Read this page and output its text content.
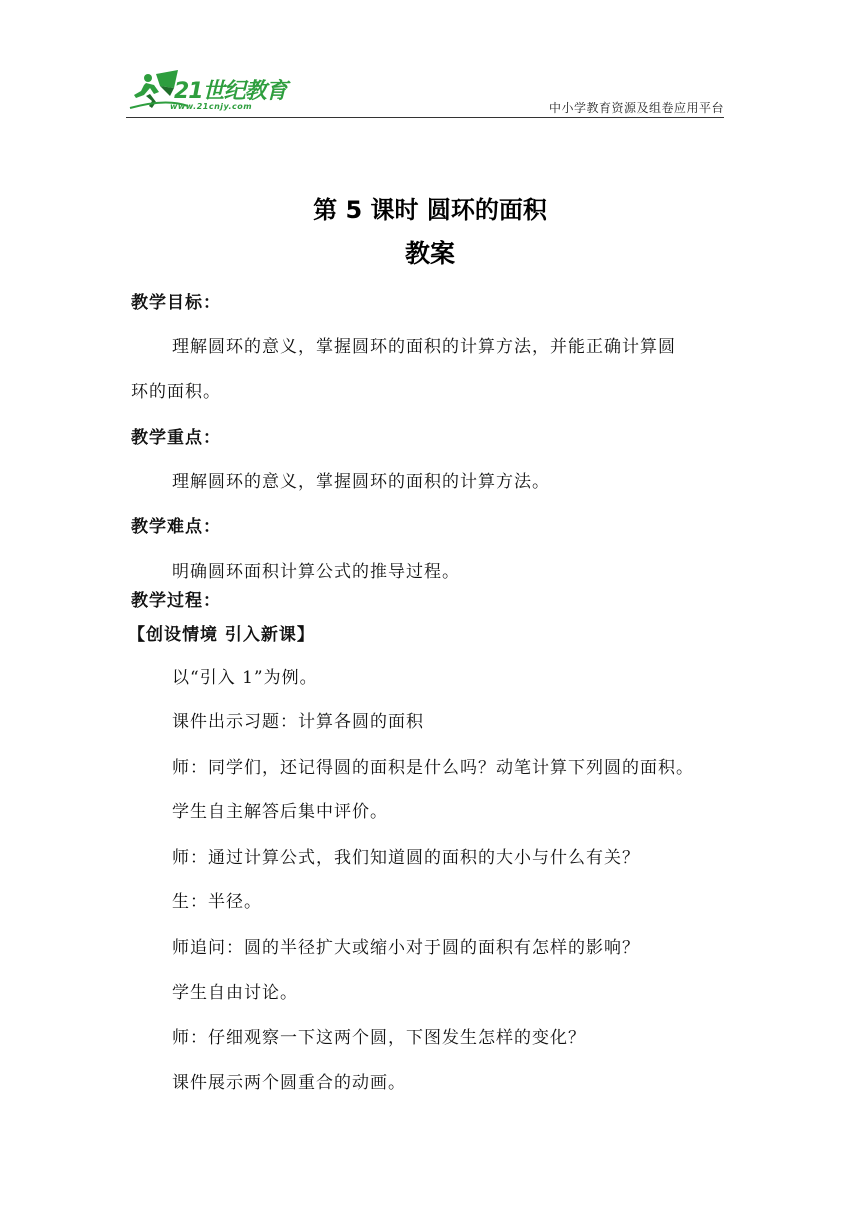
21世纪教育
www.21cnjy.com	中小学教育资源及组卷应用平台
第 5 课时 圆环的面积
教案
教学目标：
理解圆环的意义，掌握圆环的面积的计算方法，并能正确计算圆
环的面积。
教学重点：
理解圆环的意义，掌握圆环的面积的计算方法。
教学难点：
明确圆环面积计算公式的推导过程。
教学过程：
【创设情境 引入新课】
以“引入 1”为例。
课件出示习题：计算各圆的面积
师：同学们，还记得圆的面积是什么吗？动笔计算下列圆的面积。
学生自主解答后集中评价。
师：通过计算公式，我们知道圆的面积的大小与什么有关？
生：半径。
师追问：圆的半径扩大或缩小对于圆的面积有怎样的影响？
学生自由讨论。
师：仔细观察一下这两个圆，下图发生怎样的变化？
课件展示两个圆重合的动画。
